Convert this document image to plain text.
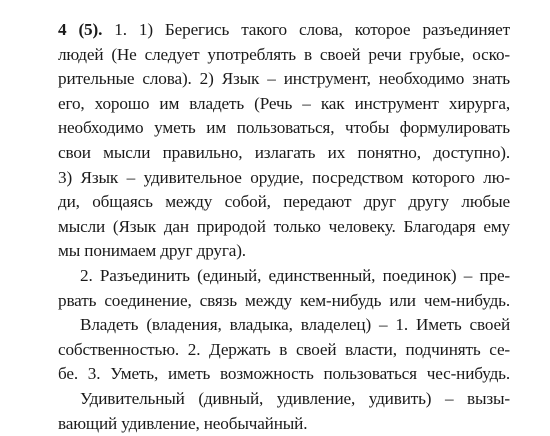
4 (5). 1. 1) Берегись такого слова, которое разъединяет
людей (Не следует употреблять в своей речи грубые, оско-
рительные слова). 2) Язык – инструмент, необходимо знать
его, хорошо им владеть (Речь – как инструмент хирурга,
необходимо уметь им пользоваться, чтобы формулировать
свои мысли правильно, излагать их понятно, доступно).
3) Язык – удивительное орудие, посредством которого лю-
ди, общаясь между собой, передают друг другу любые
мысли (Язык дан природой только человеку. Благодаря ему
мы понимаем друг друга).
2. Разъединить (единый, единственный, поединок) – пре-
рвать соединение, связь между кем-нибудь или чем-нибудь.
Владеть (владения, владыка, владелец) – 1. Иметь своей
собственностью. 2. Держать в своей власти, подчинять се-
бе. 3. Уметь, иметь возможность пользоваться чес-нибудь.
Удивительный (дивный, удивление, удивить) – вызы-
вающий удивление, необычайный.
